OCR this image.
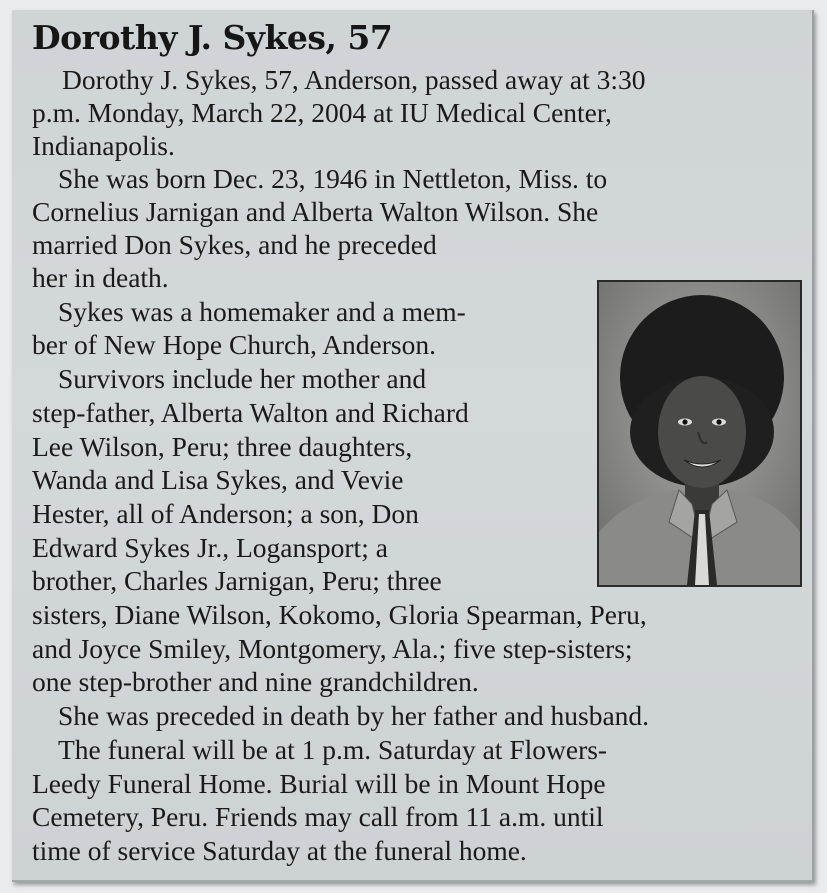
Dorothy J. Sykes, 57

Dorothy J. Sykes, 57, Anderson, passed away at 3:30

p.m. Monday, March 22, 2004 at IU Medical Center,

Indianapolis.

She was born Dec. 23, 1946 in Nettleton, Miss. to

Cornelius Jarnigan and Alberta Walton Wilson. She

married Don Sykes, and he preceded

her in death.

Sykes was a homemaker and a mem-

ber of New Hope Church, Anderson.

Survivors include her mother and

step-father, Alberta Walton and Richard

Lee Wilson, Peru; three daughters,

Wanda and Lisa Sykes, and Vevie

Hester, all of Anderson; a son, Don

Edward Sykes Jr., Logansport; a

brother, Charles Jarnigan, Peru; three

sisters, Diane Wilson, Kokomo, Gloria Spearman, Peru,

and Joyce Smiley, Montgomery, Ala.; five step-sisters;

one step-brother and nine grandchildren.

She was preceded in death by her father and husband.

The funeral will be at 1 p.m. Saturday at Flowers-

Leedy Funeral Home. Burial will be in Mount Hope

Cemetery, Peru. Friends may call from 11 a.m. until

time of service Saturday at the funeral home.
